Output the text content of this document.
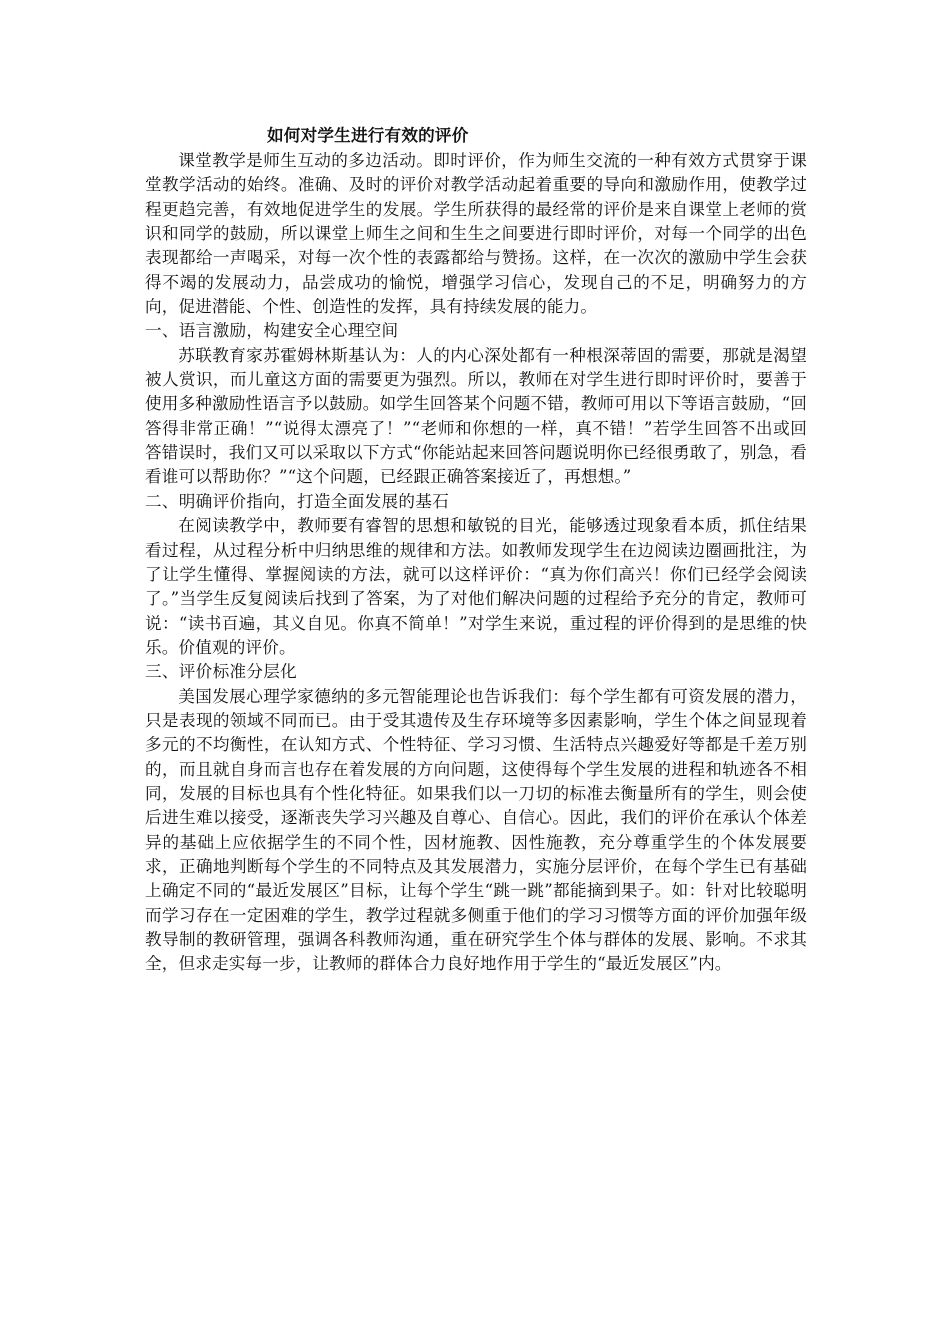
如何对学生进行有效的评价

课堂教学是师生互动的多边活动。即时评价，作为师生交流的一种有效方式贯穿于课堂教学活动的始终。准确、及时的评价对教学活动起着重要的导向和激励作用，使教学过程更趋完善，有效地促进学生的发展。学生所获得的最经常的评价是来自课堂上老师的赏识和同学的鼓励，所以课堂上师生之间和生生之间要进行即时评价，对每一个同学的出色表现都给一声喝采，对每一次个性的表露都给与赞扬。这样，在一次次的激励中学生会获得不竭的发展动力，品尝成功的愉悦，增强学习信心，发现自己的不足，明确努力的方向，促进潜能、个性、创造性的发挥，具有持续发展的能力。

一、语言激励，构建安全心理空间

苏联教育家苏霍姆林斯基认为：人的内心深处都有一种根深蒂固的需要，那就是渴望被人赏识，而儿童这方面的需要更为强烈。所以，教师在对学生进行即时评价时，要善于使用多种激励性语言予以鼓励。如学生回答某个问题不错，教师可用以下等语言鼓励，“回答得非常正确！”“说得太漂亮了！”“老师和你想的一样，真不错！”若学生回答不出或回答错误时，我们又可以采取以下方式“你能站起来回答问题说明你已经很勇敢了，别急，看看谁可以帮助你？”“这个问题，已经跟正确答案接近了，再想想。”

二、明确评价指向，打造全面发展的基石

在阅读教学中，教师要有睿智的思想和敏锐的目光，能够透过现象看本质，抓住结果看过程，从过程分析中归纳思维的规律和方法。如教师发现学生在边阅读边圈画批注，为了让学生懂得、掌握阅读的方法，就可以这样评价：“真为你们高兴！你们已经学会阅读了。”当学生反复阅读后找到了答案，为了对他们解决问题的过程给予充分的肯定，教师可说：“读书百遍，其义自见。你真不简单！”对学生来说，重过程的评价得到的是思维的快乐。价值观的评价。

三、评价标准分层化

美国发展心理学家德纳的多元智能理论也告诉我们：每个学生都有可资发展的潜力，只是表现的领域不同而已。由于受其遗传及生存环境等多因素影响，学生个体之间显现着多元的不均衡性，在认知方式、个性特征、学习习惯、生活特点兴趣爱好等都是千差万别的，而且就自身而言也存在着发展的方向问题，这使得每个学生发展的进程和轨迹各不相同，发展的目标也具有个性化特征。如果我们以一刀切的标准去衡量所有的学生，则会使后进生难以接受，逐渐丧失学习兴趣及自尊心、自信心。因此，我们的评价在承认个体差异的基础上应依据学生的不同个性，因材施教、因性施教，充分尊重学生的个体发展要求，正确地判断每个学生的不同特点及其发展潜力，实施分层评价，在每个学生已有基础上确定不同的“最近发展区”目标，让每个学生“跳一跳”都能摘到果子。如：针对比较聪明而学习存在一定困难的学生，教学过程就多侧重于他们的学习习惯等方面的评价加强年级教导制的教研管理，强调各科教师沟通，重在研究学生个体与群体的发展、影响。不求其全，但求走实每一步，让教师的群体合力良好地作用于学生的“最近发展区”内。
